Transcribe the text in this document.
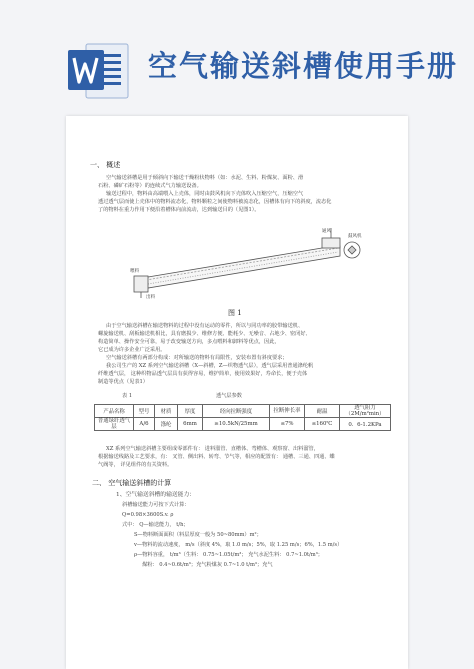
空气输送斜槽使用手册
一、 概述
空气输送斜槽是用于倾斜向下输送干燥粉状物料（如：水泥、生料、粉煤灰、面粉、滑
石粉、磷矿石粉等）的连续式气力输送设备。
输送过程中，物料由高端喂入上壳体，同时由鼓风机向下壳体吹入压缩空气，压缩空气
透过透气层而使上壳体中的物料流态化，物料颗粒之间使物料被流态化，因槽体有向下的斜度，流态化
了的物料在重力作用下便沿着槽体向前流动，达到输送目的（见图1）。
喂料
出料
鼓风机
通风
图 1
由于空气输送斜槽在输送物料的过程中没有运动的零件，所以与同功率的胶带输送机、
螺旋输送机、刮板输送机相比，具有磨损少、维修方便、能耗少、无噪音、占地少、密闭好、
构造简单、操作安全可靠，易于改变输送方向，多点喂料和卸料等优点，因此，
它已成为许多企业广泛采用。
空气输送斜槽有两部分构成：对所输送的物料有局限性，安装布置有斜度要求；
我公司生产的 XZ 系列空气输送斜槽（X—斜槽，Z—织物透气层），透气层采用普通涤纶帆
纤维透气层， 这种织物品透气层具有获得容易，维护简单，使用效果好，寿命长，便于壳体
制造等优点（见表1）
表 1	透气层参数
产品名称	型号	材质	厚度	经向拉断强度	拉断伸长率	耐温	透气阻力（2M/m²min）
普通绿纤透气层	A/6	涤纶	6mm	≥10.5kN/25mm	≤7%	≤160℃	0．6-1.2KPa
XZ 系列空气输送斜槽主要组成零部件有： 进料溜管、直槽体、弯槽体、观察窗、出料溜管，
根据输送线路及工艺要求，有： 叉管、侧出料、转弯、节气等，相应的配置有： 通槽、三通、四通、蝶
气阀等， 详见组件的有关资料。
二、 空气输送斜槽的计算
1、空气输送斜槽的输送能力：
斜槽输送能力可按下式计算：
Q=0.98×3600S.v. ρ
式中： Q—输送能力， t/h；
S—物料断面面积（料层厚度一般为 50~80mm）m²；
v—物料的流动速度， m/s（斜度 4%，取 1.0 m/s；5%，取 1.25 m/s；6%，1.5 m/s）
ρ—物料容重， t/m³（生料： 0.75~1.05t/m³； 充气水泥生料： 0.7~1.0t/m³；
煤粉： 0.4~0.6t/m³；充气粉煤灰 0.7~1.0 t/m³；充气
